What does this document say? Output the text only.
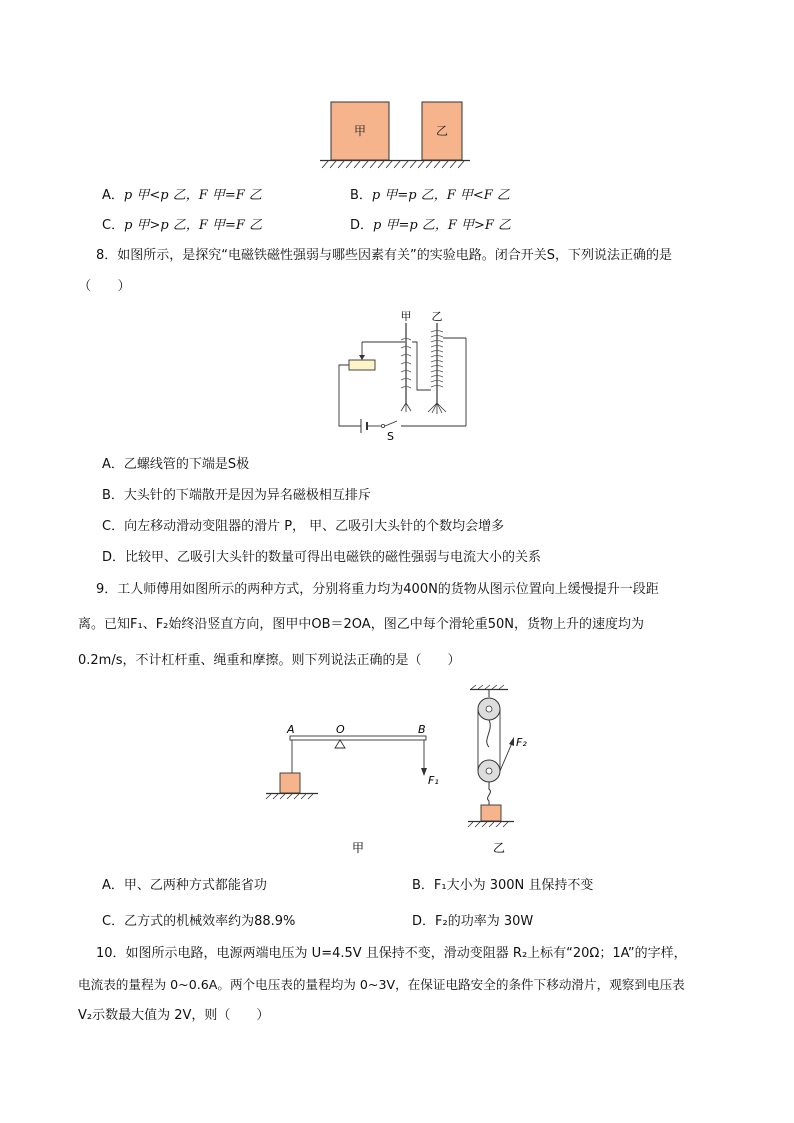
甲	乙
A．p 甲<p 乙，F 甲=F 乙	B．p 甲=p 乙，F 甲<F 乙
C．p 甲>p 乙，F 甲=F 乙	D．p 甲=p 乙，F 甲>F 乙
8．如图所示，是探究“电磁铁磁性强弱与哪些因素有关”的实验电路。闭合开关S，下列说法正确的是
（　　）
甲 乙
S
A．乙螺线管的下端是S极
B．大头针的下端散开是因为异名磁极相互排斥
C．向左移动滑动变阻器的滑片 P， 甲、乙吸引大头针的个数均会增多
D．比较甲、乙吸引大头针的数量可得出电磁铁的磁性强弱与电流大小的关系
9．工人师傅用如图所示的两种方式，分别将重力均为400N的货物从图示位置向上缓慢提升一段距
离。已知F₁、F₂始终沿竖直方向，图甲中OB＝2OA，图乙中每个滑轮重50N，货物上升的速度均为
0.2m/s，不计杠杆重、绳重和摩擦。则下列说法正确的是（　　）
A	O	B
F₁
甲
F₂
乙
A．甲、乙两种方式都能省功	B．F₁大小为 300N 且保持不变
C．乙方式的机械效率约为88.9%	D．F₂的功率为 30W
10．如图所示电路，电源两端电压为 U=4.5V 且保持不变，滑动变阻器 R₂上标有“20Ω；1A”的字样，
电流表的量程为 0~0.6A。两个电压表的量程均为 0~3V，在保证电路安全的条件下移动滑片，观察到电压表
V₂示数最大值为 2V，则（　　）
